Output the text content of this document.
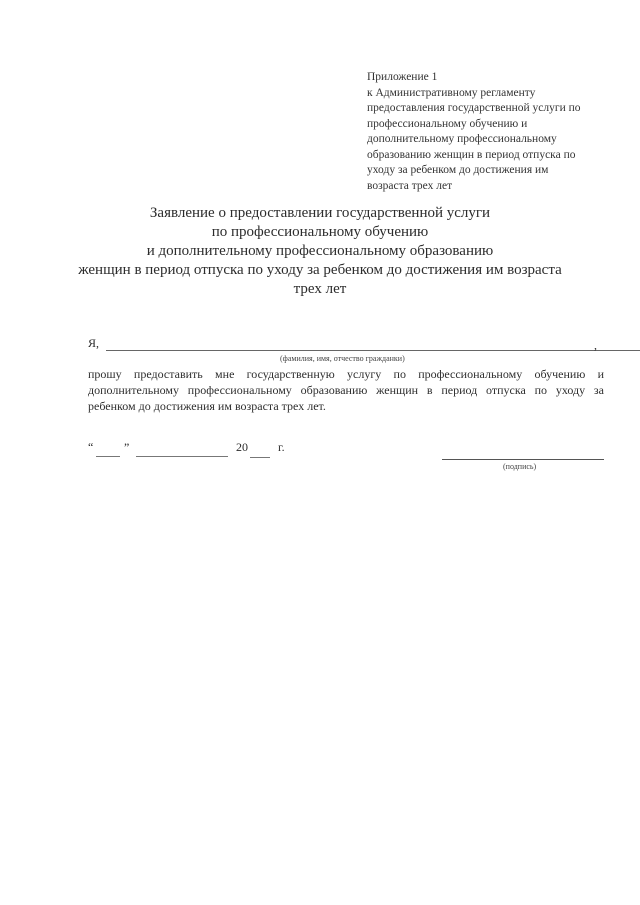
Приложение 1
к Административному регламенту
предоставления государственной услуги по
профессиональному обучению и
дополнительному профессиональному
образованию женщин в период отпуска по
уходу за ребенком до достижения им
возраста трех лет
Заявление о предоставлении государственной услуги
по профессиональному обучению
и дополнительному профессиональному образованию
женщин в период отпуска по уходу за ребенком до достижения им возраста
трех лет
Я,	,
(фамилия, имя, отчество гражданки)
прошу предоставить мне государственную услугу по профессиональному обучению и
дополнительному профессиональному образованию женщин в период отпуска по уходу за
ребенком до достижения им возраста трех лет.
“	”	20	г.
(подпись)
